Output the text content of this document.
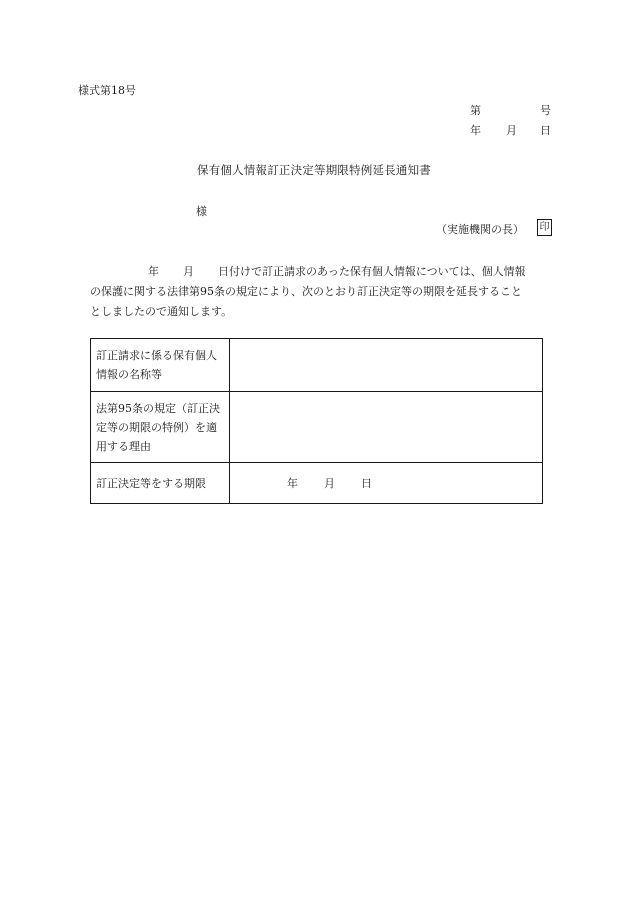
様式第18号
第	号
年 月 日
保有個人情報訂正決定等期限特例延長通知書
様
（実施機関の長） 印
年 月 日付けで訂正請求のあった保有個人情報については、個人情報
の保護に関する法律第95条の規定により、次のとおり訂正決定等の期限を延長すること
としましたので通知します。
訂正請求に係る保有個人
情報の名称等	

法第95条の規定（訂正決
定等の期限の特例）を適
用する理由	

訂正決定等をする期限	年 月 日
